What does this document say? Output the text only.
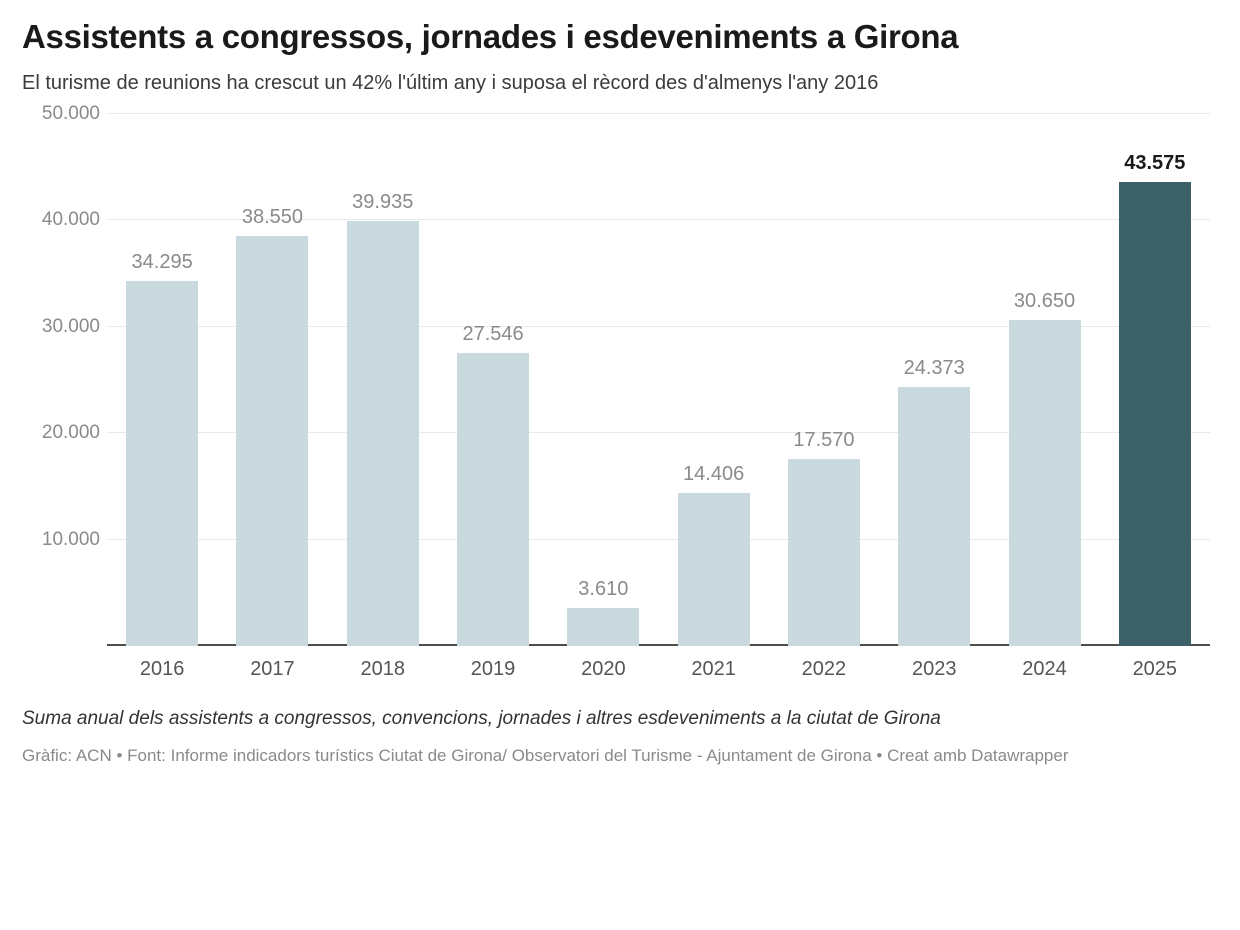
Assistents a congressos, jornades i esdeveniments a Girona

El turisme de reunions ha crescut un 42% l'últim any i suposa el rècord des d'almenys l'any 2016

50.000
40.000
30.000
20.000
10.000
34.295
38.550
39.935
27.546
3.610
14.406
17.570
24.373
30.650
43.575
2016	2017	2018	2019	2020	2021	2022	2023	2024	2025
Suma anual dels assistents a congressos, convencions, jornades i altres esdeveniments a la ciutat de Girona
Gràfic: ACN • Font: Informe indicadors turístics Ciutat de Girona/ Observatori del Turisme - Ajuntament de Girona • Creat amb Datawrapper
